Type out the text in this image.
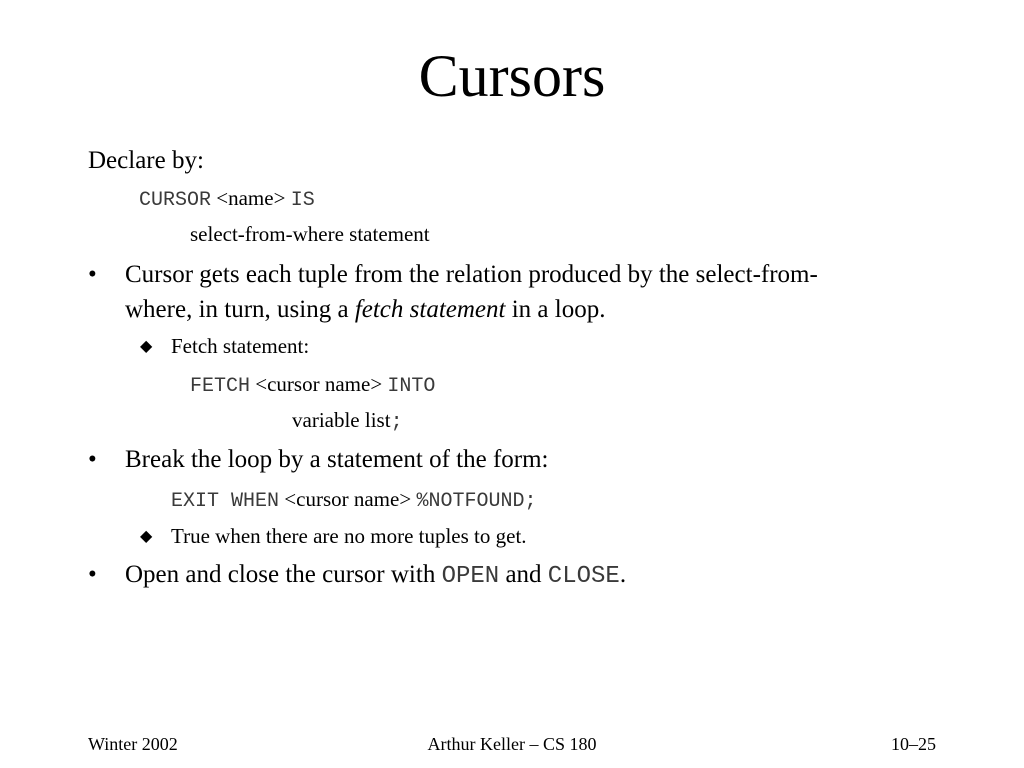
Cursors
Declare by:
CURSOR <name> IS
select-from-where statement
• Cursor gets each tuple from the relation produced by the select-from-
where, in turn, using a fetch statement in a loop.
◆ Fetch statement:
FETCH <cursor name> INTO
variable list;
• Break the loop by a statement of the form:
EXIT WHEN <cursor name> %NOTFOUND;
◆ True when there are no more tuples to get.
• Open and close the cursor with OPEN and CLOSE.
Winter 2002	Arthur Keller – CS 180	10–25
